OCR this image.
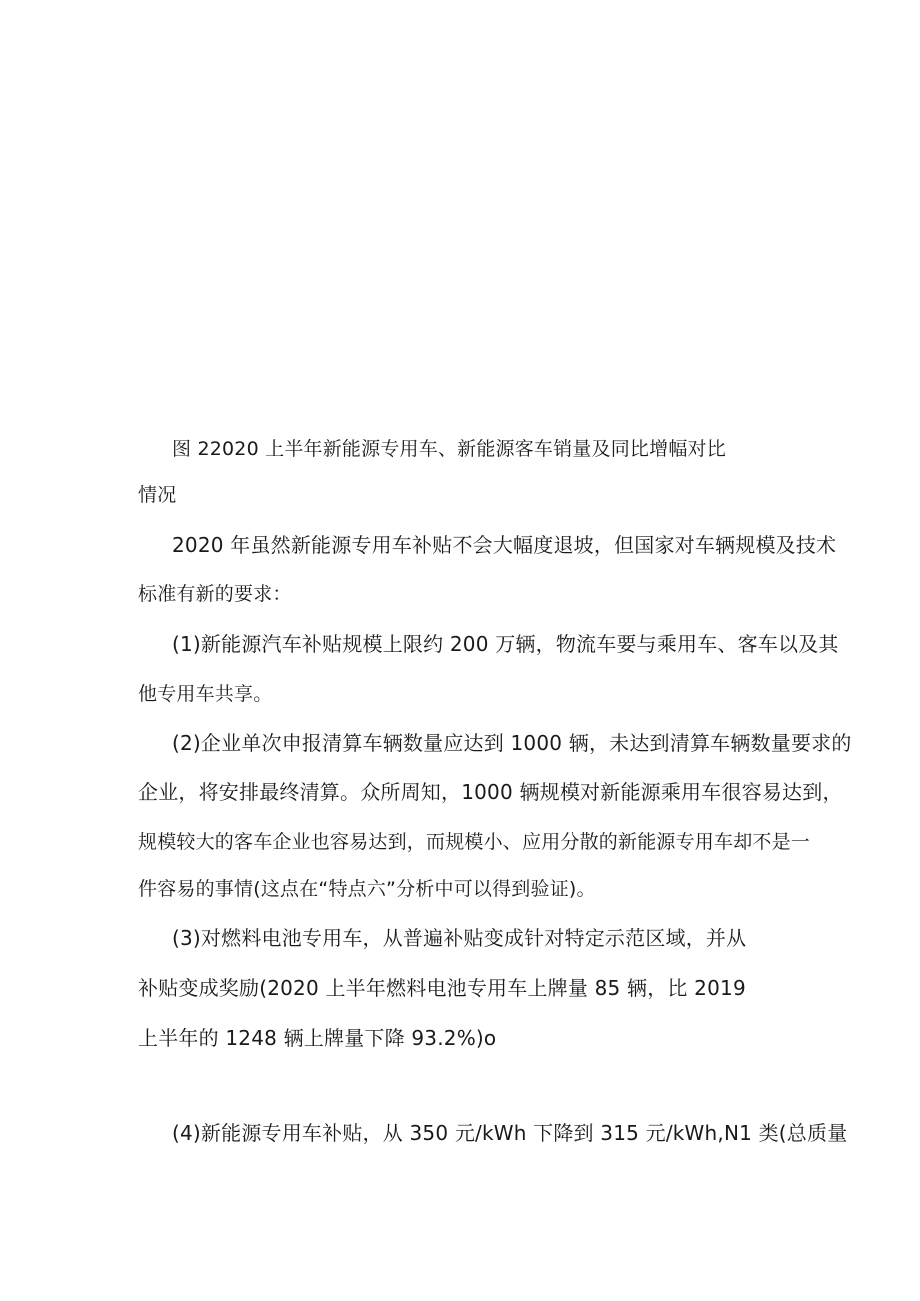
图 22020 上半年新能源专用车、新能源客车销量及同比增幅对比
情况
2020 年虽然新能源专用车补贴不会大幅度退坡，但国家对车辆规模及技术
标准有新的要求：
(1)新能源汽车补贴规模上限约 200 万辆，物流车要与乘用车、客车以及其
他专用车共享。
(2)企业单次申报清算车辆数量应达到 1000 辆，未达到清算车辆数量要求的
企业，将安排最终清算。众所周知，1000 辆规模对新能源乘用车很容易达到，
规模较大的客车企业也容易达到，而规模小、应用分散的新能源专用车却不是一
件容易的事情(这点在“特点六”分析中可以得到验证)。
(3)对燃料电池专用车，从普遍补贴变成针对特定示范区域，并从
补贴变成奖励(2020 上半年燃料电池专用车上牌量 85 辆，比 2019
上半年的 1248 辆上牌量下降 93.2%)o
(4)新能源专用车补贴，从 350 元/kWh 下降到 315 元/kWh,N1 类(总质量
